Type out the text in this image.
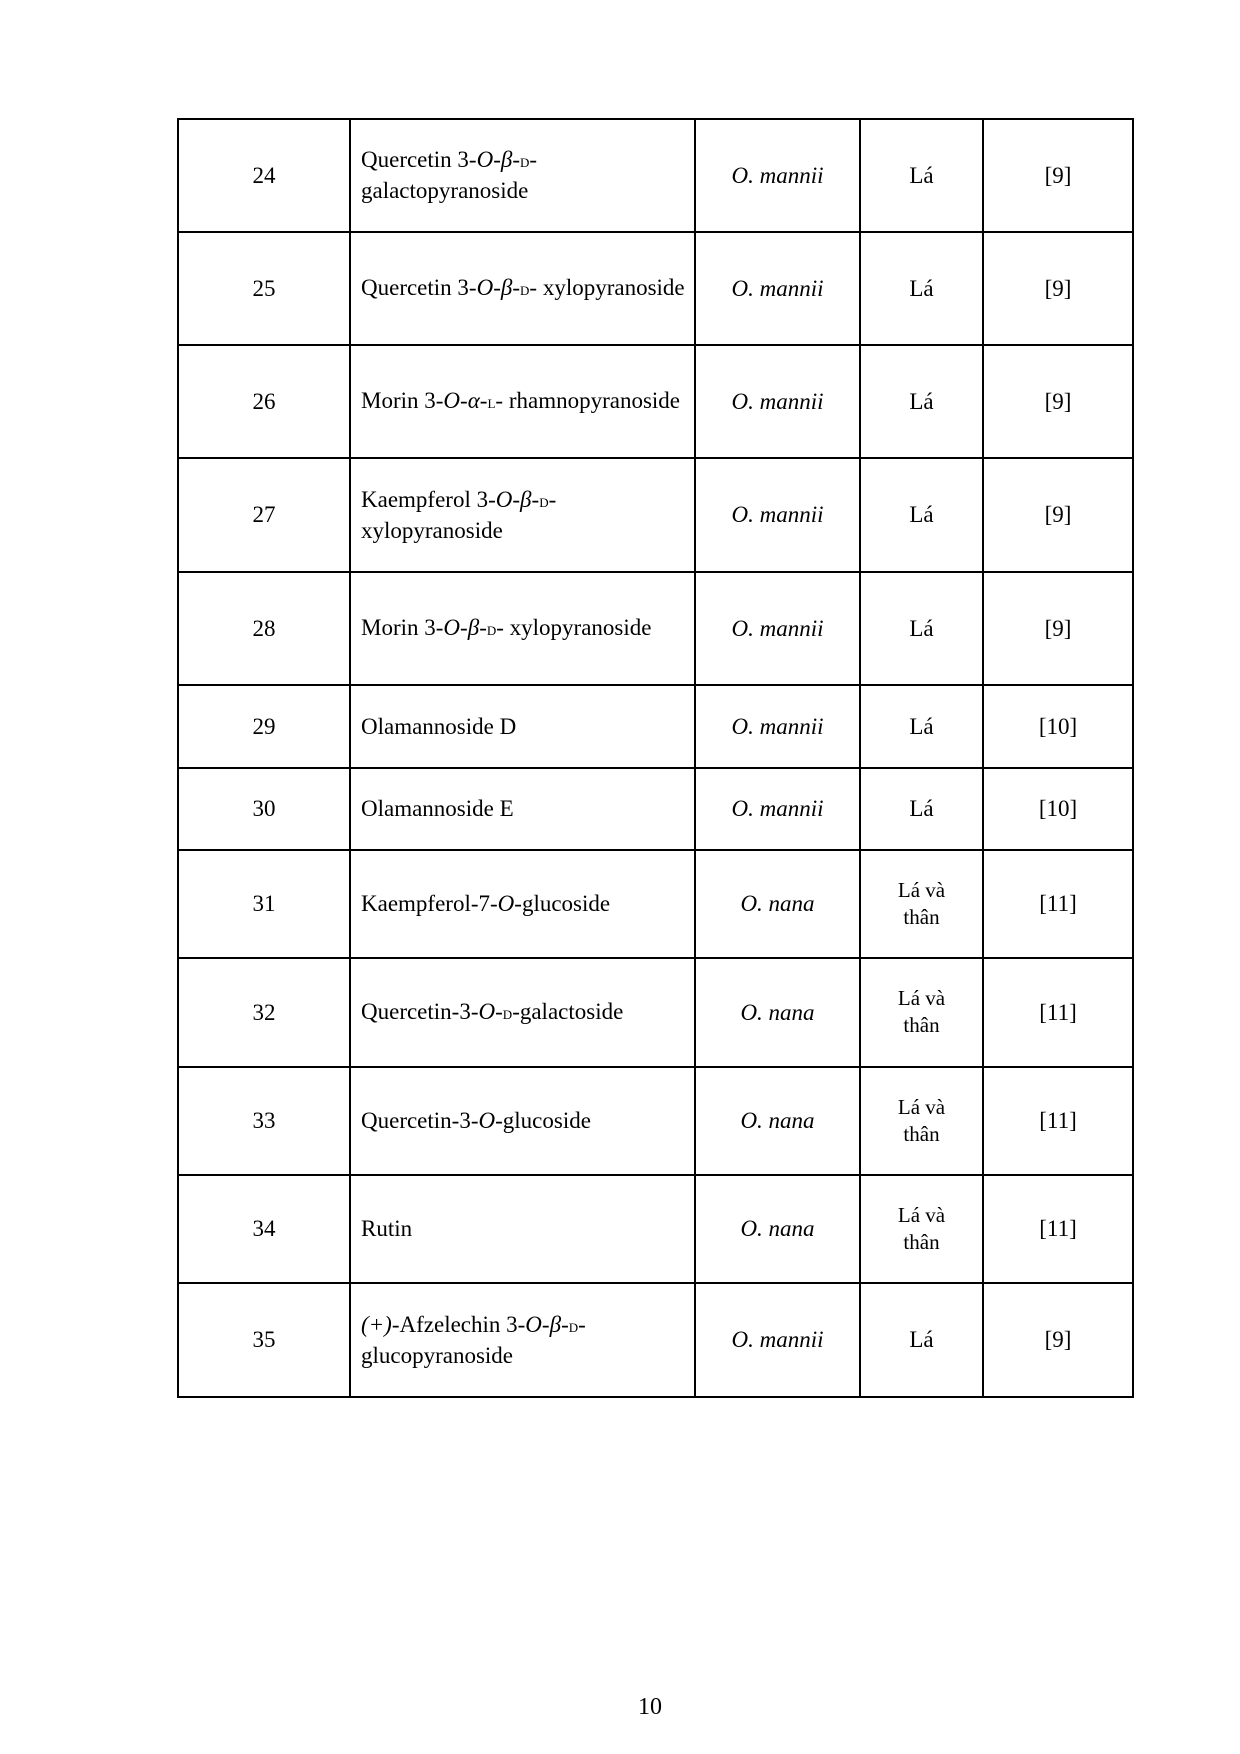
24	Quercetin 3-O-β-d- galactopyranoside	O. mannii	Lá	[9]
25	Quercetin 3-O-β-d- xylopyranoside	O. mannii	Lá	[9]
26	Morin 3-O-α-l- rhamnopyranoside	O. mannii	Lá	[9]
27	Kaempferol 3-O-β-d- xylopyranoside	O. mannii	Lá	[9]
28	Morin 3-O-β-d- xylopyranoside	O. mannii	Lá	[9]
29	Olamannoside D	O. mannii	Lá	[10]
30	Olamannoside E	O. mannii	Lá	[10]
31	Kaempferol-7-O-glucoside	O. nana	Lá và thân	[11]
32	Quercetin-3-O-d-galactoside	O. nana	Lá và thân	[11]
33	Quercetin-3-O-glucoside	O. nana	Lá và thân	[11]
34	Rutin	O. nana	Lá và thân	[11]
35	(+)-Afzelechin 3-O-β-d- glucopyranoside	O. mannii	Lá	[9]
10
